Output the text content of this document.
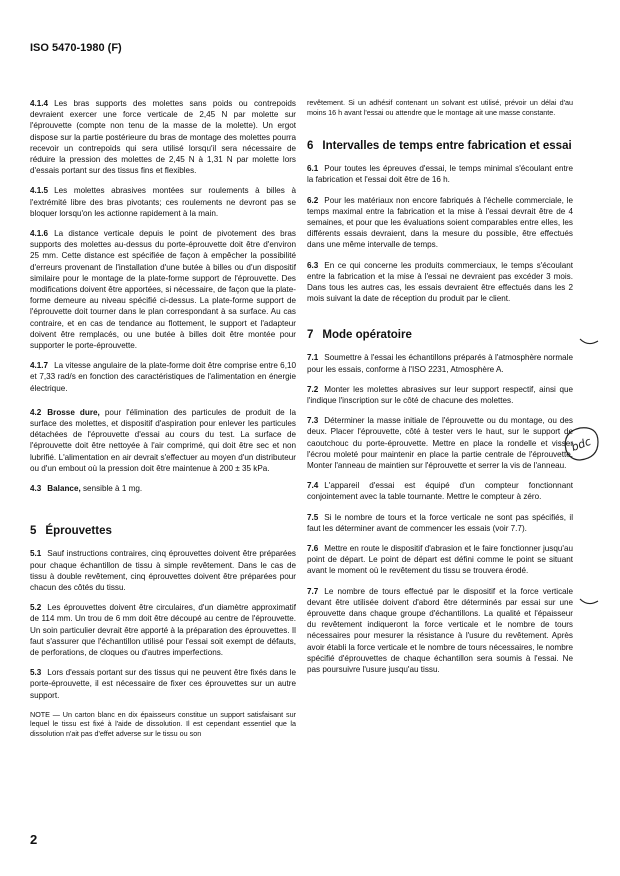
ISO 5470-1980 (F)

4.1.4 Les bras supports des molettes sans poids ou contrepoids devraient exercer une force verticale de 2,45 N par molette sur l'éprouvette (compte non tenu de la masse de la molette). Un ergot dispose sur la partie postérieure du bras de montage des molettes pourra recevoir un contrepoids qui sera utilisé lorsqu'il sera nécessaire de réduire la pression des molettes de 2,45 N à 1,31 N par molette lors d'essais portant sur des tissus fins et flexibles.

4.1.5 Les molettes abrasives montées sur roulements à billes à l'extrémité libre des bras pivotants; ces roulements ne devront pas se bloquer lorsqu'on les actionne rapidement à la main.

4.1.6 La distance verticale depuis le point de pivotement des bras supports des molettes au-dessus du porte-éprouvette doit être d'environ 25 mm. Cette distance est spécifiée de façon à empêcher la possibilité d'erreurs provenant de l'installation d'une butée à billes ou d'un dispositif similaire pour le montage de la plate-forme support de l'éprouvette. Des modifications doivent être apportées, si nécessaire, de façon que la plate-forme demeure au niveau spécifié ci-dessus. La plate-forme support de l'éprouvette doit tourner dans le plan correspondant à sa surface. Au cas contraire, et en cas de tendance au flottement, le support et l'adapteur doivent être remplacés, ou une butée à billes doit être montée pour supporter le porte-éprouvette.

4.1.7 La vitesse angulaire de la plate-forme doit être comprise entre 6,10 et 7,33 rad/s en fonction des caractéristiques de l'alimentation en énergie électrique.

4.2 Brosse dure, pour l'élimination des particules de produit de la surface des molettes, et dispositif d'aspiration pour enlever les particules détachées de l'éprouvette d'essai au cours du test. La surface de l'éprouvette doit être nettoyée à l'air comprimé, qui doit être sec et non lubrifié. L'alimentation en air devrait s'effectuer au moyen d'un distributeur ou d'un embout où la pression doit être maintenue à 200 ± 35 kPa.

4.3 Balance, sensible à 1 mg.

5 Éprouvettes

5.1 Sauf instructions contraires, cinq éprouvettes doivent être préparées pour chaque échantillon de tissu à simple revêtement. Dans le cas de tissu à double revêtement, cinq éprouvettes doivent être préparées pour chacun des côtés du tissu.

5.2 Les éprouvettes doivent être circulaires, d'un diamètre approximatif de 114 mm. Un trou de 6 mm doit être découpé au centre de l'éprouvette. Un soin particulier devrait être apporté à la préparation des éprouvettes. Il faut s'assurer que l'échantillon utilisé pour l'essai soit exempt de défauts, de perforations, de cloques ou d'autres imperfections.

5.3 Lors d'essais portant sur des tissus qui ne peuvent être fixés dans le porte-éprouvette, il est nécessaire de fixer ces éprouvettes sur un autre support.

NOTE — Un carton blanc en dix épaisseurs constitue un support satisfaisant sur lequel le tissu est fixé à l'aide de dissolution. Il est cependant essentiel que la dissolution n'ait pas d'effet adverse sur le tissu ou son

revêtement. Si un adhésif contenant un solvant est utilisé, prévoir un délai d'au moins 16 h avant l'essai ou attendre que le montage ait une masse constante.

6 Intervalles de temps entre fabrication et essai

6.1 Pour toutes les épreuves d'essai, le temps minimal s'écoulant entre la fabrication et l'essai doit être de 16 h.

6.2 Pour les matériaux non encore fabriqués à l'échelle commerciale, le temps maximal entre la fabrication et la mise à l'essai devrait être de 4 semaines, et pour que les évaluations soient comparables entre elles, les différents essais devraient, dans la mesure du possible, être effectués dans une même intervalle de temps.

6.3 En ce qui concerne les produits commerciaux, le temps s'écoulant entre la fabrication et la mise à l'essai ne devraient pas excéder 3 mois. Dans tous les autres cas, les essais devraient être effectués dans les 2 mois suivant la date de réception du produit par le client.

7 Mode opératoire

7.1 Soumettre à l'essai les échantillons préparés à l'atmosphère normale pour les essais, conforme à l'ISO 2231, Atmosphère A.

7.2 Monter les molettes abrasives sur leur support respectif, ainsi que l'indique l'inscription sur le côté de chacune des molettes.

7.3 Déterminer la masse initiale de l'éprouvette ou du montage, ou des deux. Placer l'éprouvette, côté à tester vers le haut, sur le support de caoutchouc du porte-éprouvette. Mettre en place la rondelle et visser l'écrou moleté pour maintenir en place la partie centrale de l'éprouvette. Monter l'anneau de maintien sur l'éprouvette et serrer la vis de l'anneau.

7.4 L'appareil d'essai est équipé d'un compteur fonctionnant conjointement avec la table tournante. Mettre le compteur à zéro.

7.5 Si le nombre de tours et la force verticale ne sont pas spécifiés, il faut les déterminer avant de commencer les essais (voir 7.7).

7.6 Mettre en route le dispositif d'abrasion et le faire fonctionner jusqu'au point de départ. Le point de départ est défini comme le point se situant avant le moment où le revêtement du tissu se trouvera érodé.

7.7 Le nombre de tours effectué par le dispositif et la force verticale devant être utilisée doivent d'abord être déterminés par essai sur une éprouvette dans chaque groupe d'échantillons. La qualité et l'épaisseur du revêtement indiqueront la force verticale et le nombre de tours nécessaires pour mesurer la résistance à l'usure du revêtement. Après avoir établi la force verticale et le nombre de tours nécessaires, le nombre spécifié d'éprouvettes de chaque échantillon sera soumis à l'essai. Ne pas poursuivre l'usure jusqu'au tissu.

bdc
2
